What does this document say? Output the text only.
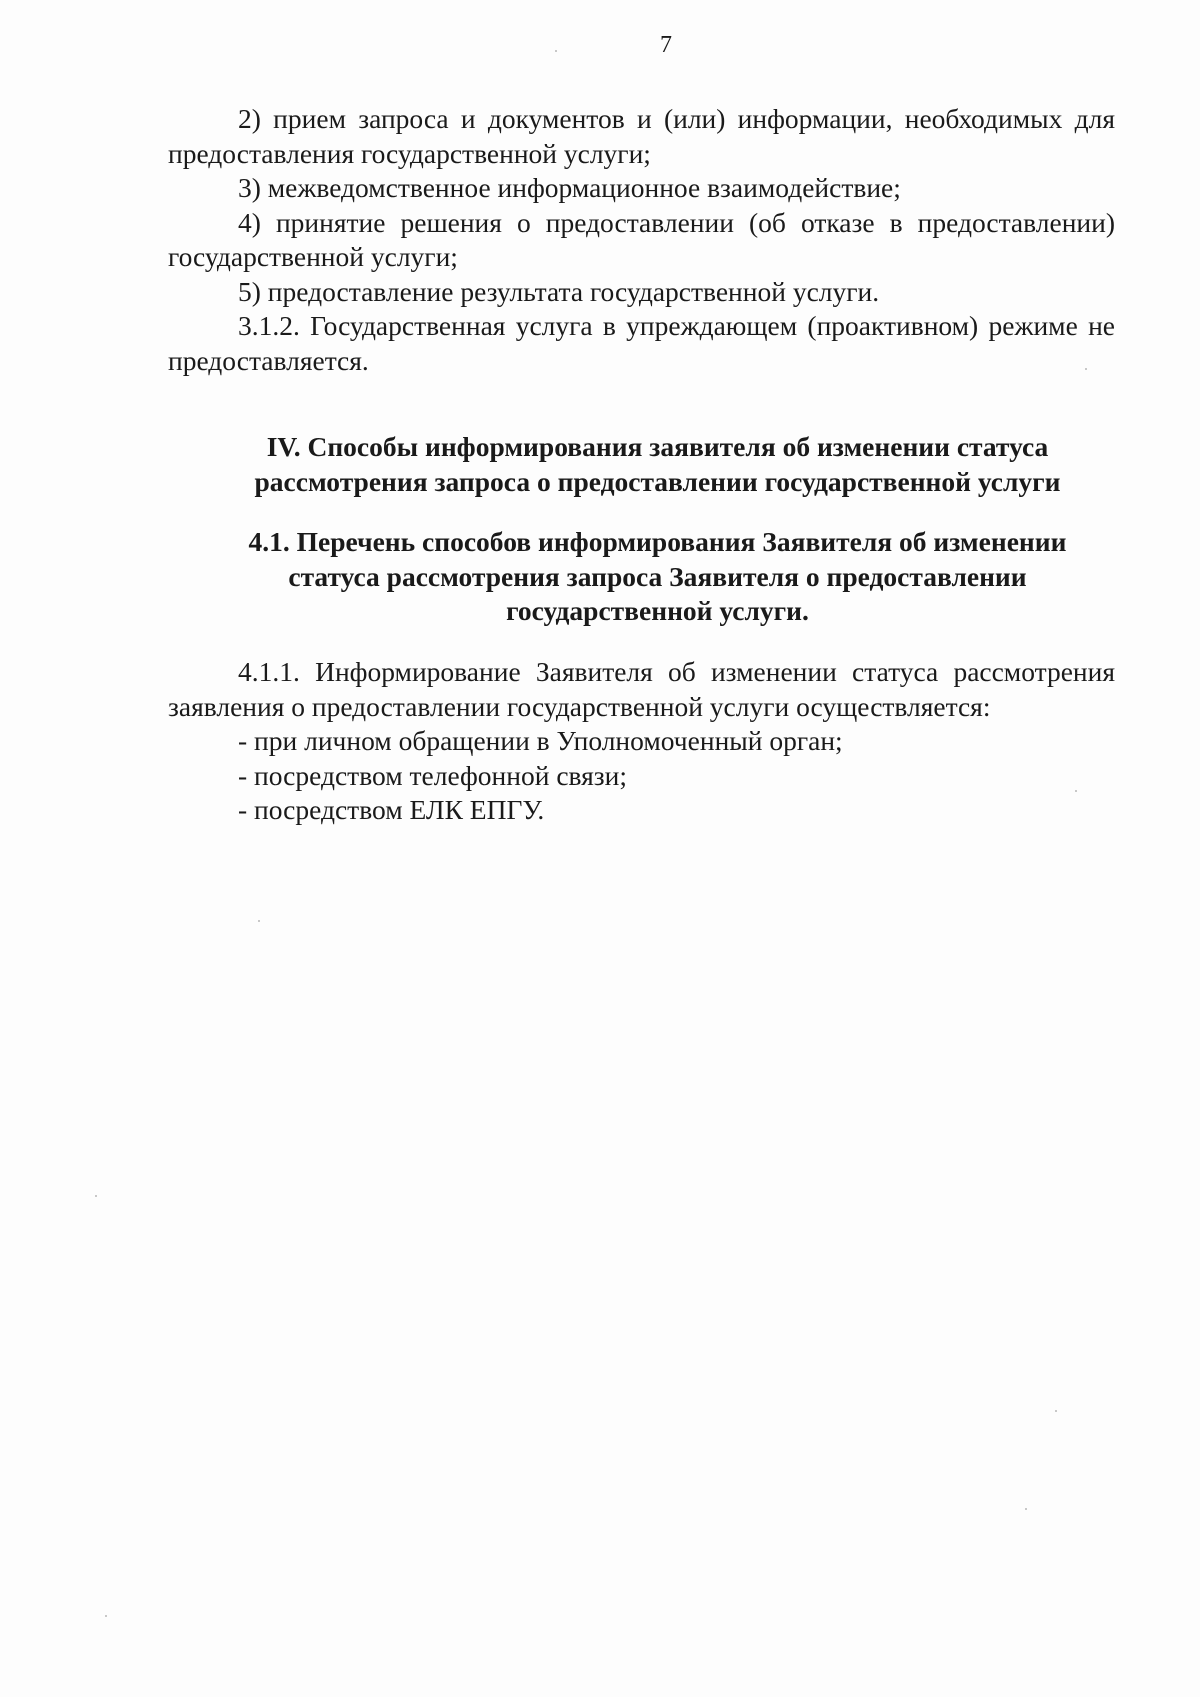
7

2) прием запроса и документов и (или) информации, необходимых для предоставления государственной услуги;

3) межведомственное информационное взаимодействие;

4) принятие решения о предоставлении (об отказе в предоставлении) государственной услуги;

5) предоставление результата государственной услуги.

3.1.2. Государственная услуга в упреждающем (проактивном) режиме не предоставляется.

IV. Способы информирования заявителя об изменении статуса
рассмотрения запроса о предоставлении государственной услуги
4.1. Перечень способов информирования Заявителя об изменении
статуса рассмотрения запроса Заявителя о предоставлении
государственной услуги.

4.1.1. Информирование Заявителя об изменении статуса рассмотрения заявления о предоставлении государственной услуги осуществляется:

- при личном обращении в Уполномоченный орган;

- посредством телефонной связи;

- посредством ЕЛК ЕПГУ.
